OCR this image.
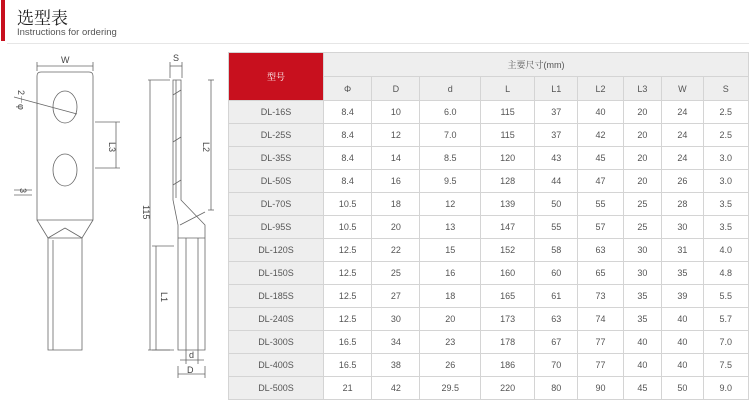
选型表
Instructions for ordering
W
2－φ
L3
3
115
S
L2
L1
d
D
型号	主要尺寸(mm)								
	Φ	D	d	L	L1	L2	L3	W	S
DL-16S	8.4	10	6.0	115	37	40	20	24	2.5
DL-25S	8.4	12	7.0	115	37	42	20	24	2.5
DL-35S	8.4	14	8.5	120	43	45	20	24	3.0
DL-50S	8.4	16	9.5	128	44	47	20	26	3.0
DL-70S	10.5	18	12	139	50	55	25	28	3.5
DL-95S	10.5	20	13	147	55	57	25	30	3.5
DL-120S	12.5	22	15	152	58	63	30	31	4.0
DL-150S	12.5	25	16	160	60	65	30	35	4.8
DL-185S	12.5	27	18	165	61	73	35	39	5.5
DL-240S	12.5	30	20	173	63	74	35	40	5.7
DL-300S	16.5	34	23	178	67	77	40	40	7.0
DL-400S	16.5	38	26	186	70	77	40	40	7.5
DL-500S	21	42	29.5	220	80	90	45	50	9.0
